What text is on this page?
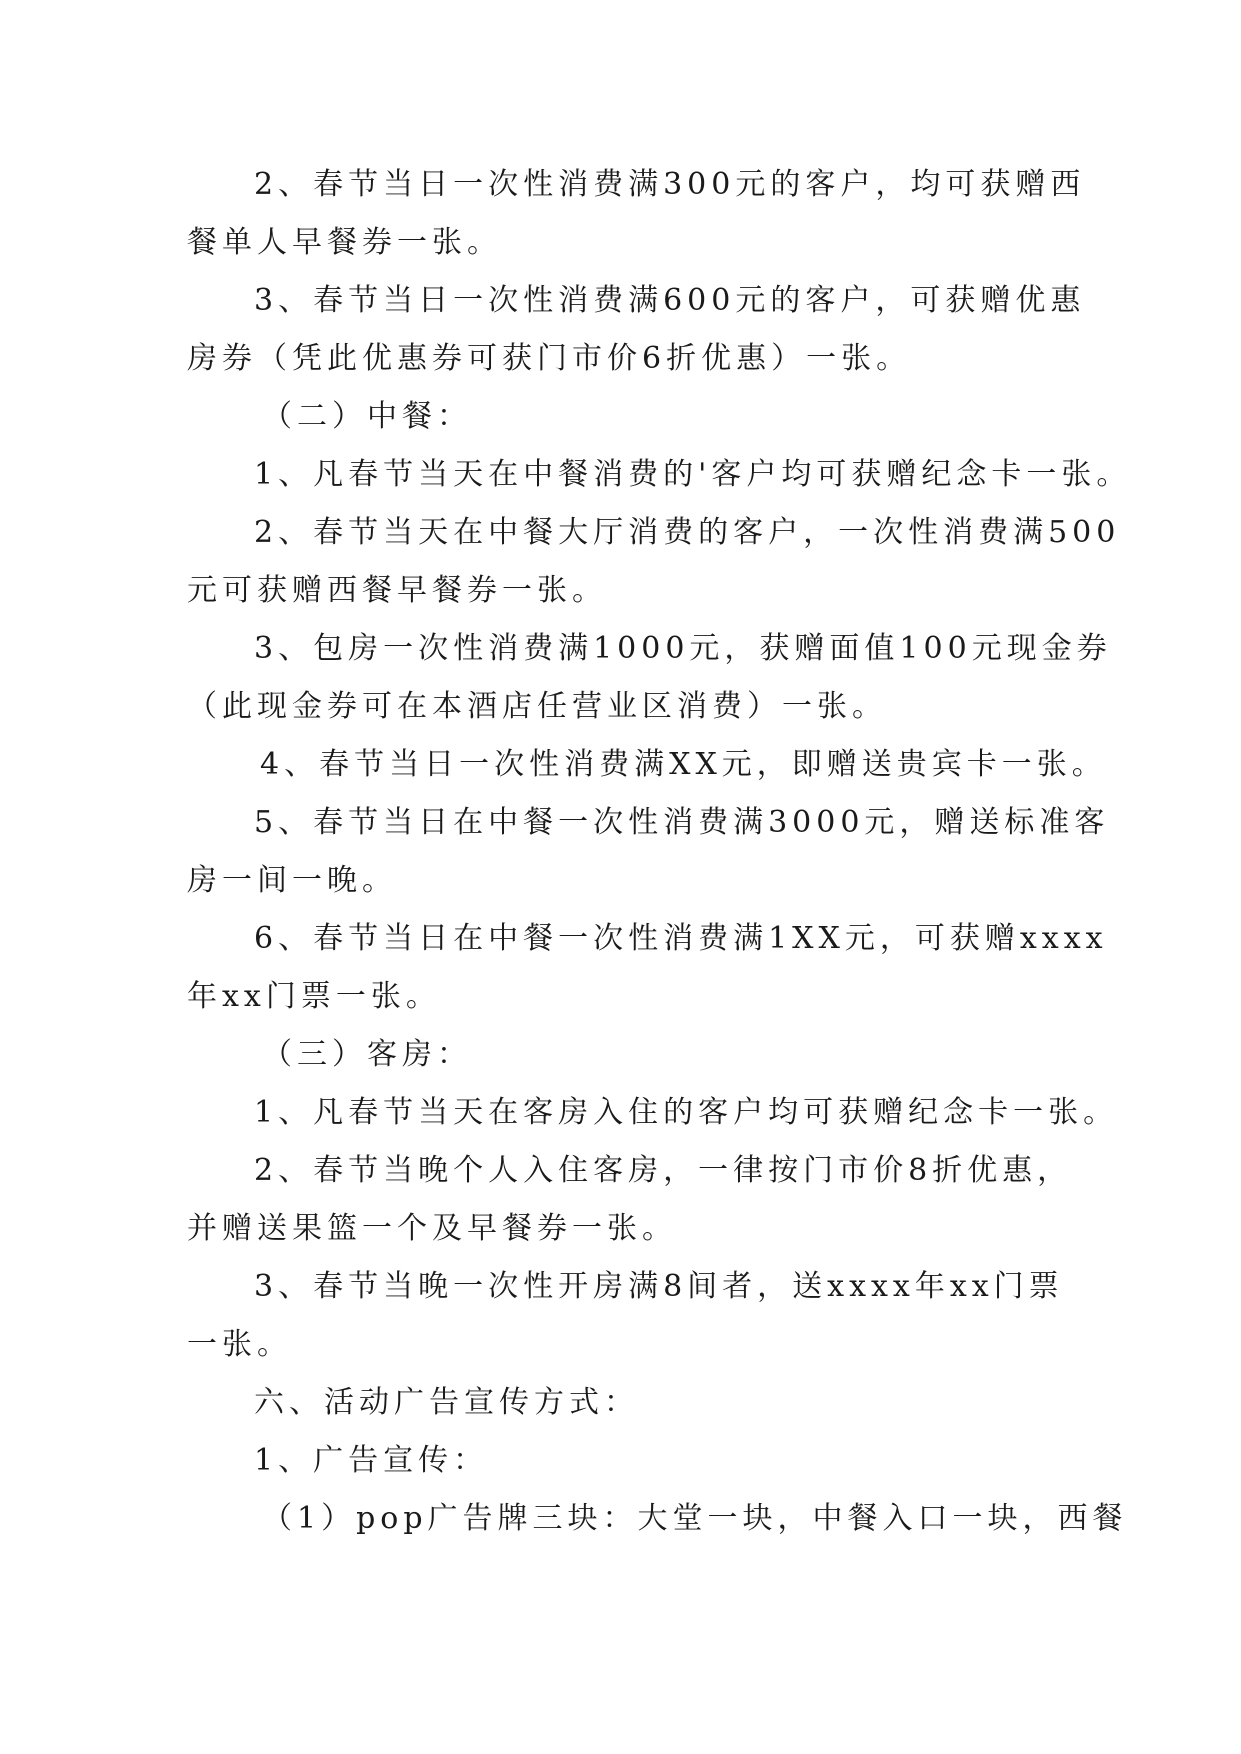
2、春节当日一次性消费满300元的客户，均可获赠西

餐单人早餐券一张。

3、春节当日一次性消费满600元的客户，可获赠优惠

房券（凭此优惠券可获门市价6折优惠）一张。

（二）中餐：

1、凡春节当天在中餐消费的'客户均可获赠纪念卡一张。

2、春节当天在中餐大厅消费的客户，一次性消费满500

元可获赠西餐早餐券一张。

3、包房一次性消费满1000元，获赠面值100元现金券

（此现金券可在本酒店任营业区消费）一张。

4、春节当日一次性消费满XX元，即赠送贵宾卡一张。

5、春节当日在中餐一次性消费满3000元，赠送标准客

房一间一晚。

6、春节当日在中餐一次性消费满1XX元，可获赠xxxx

年xx门票一张。

（三）客房：

1、凡春节当天在客房入住的客户均可获赠纪念卡一张。

2、春节当晚个人入住客房，一律按门市价8折优惠，

并赠送果篮一个及早餐券一张。

3、春节当晚一次性开房满8间者，送xxxx年xx门票

一张。

六、活动广告宣传方式：

1、广告宣传：

（1）pop广告牌三块：大堂一块，中餐入口一块，西餐
